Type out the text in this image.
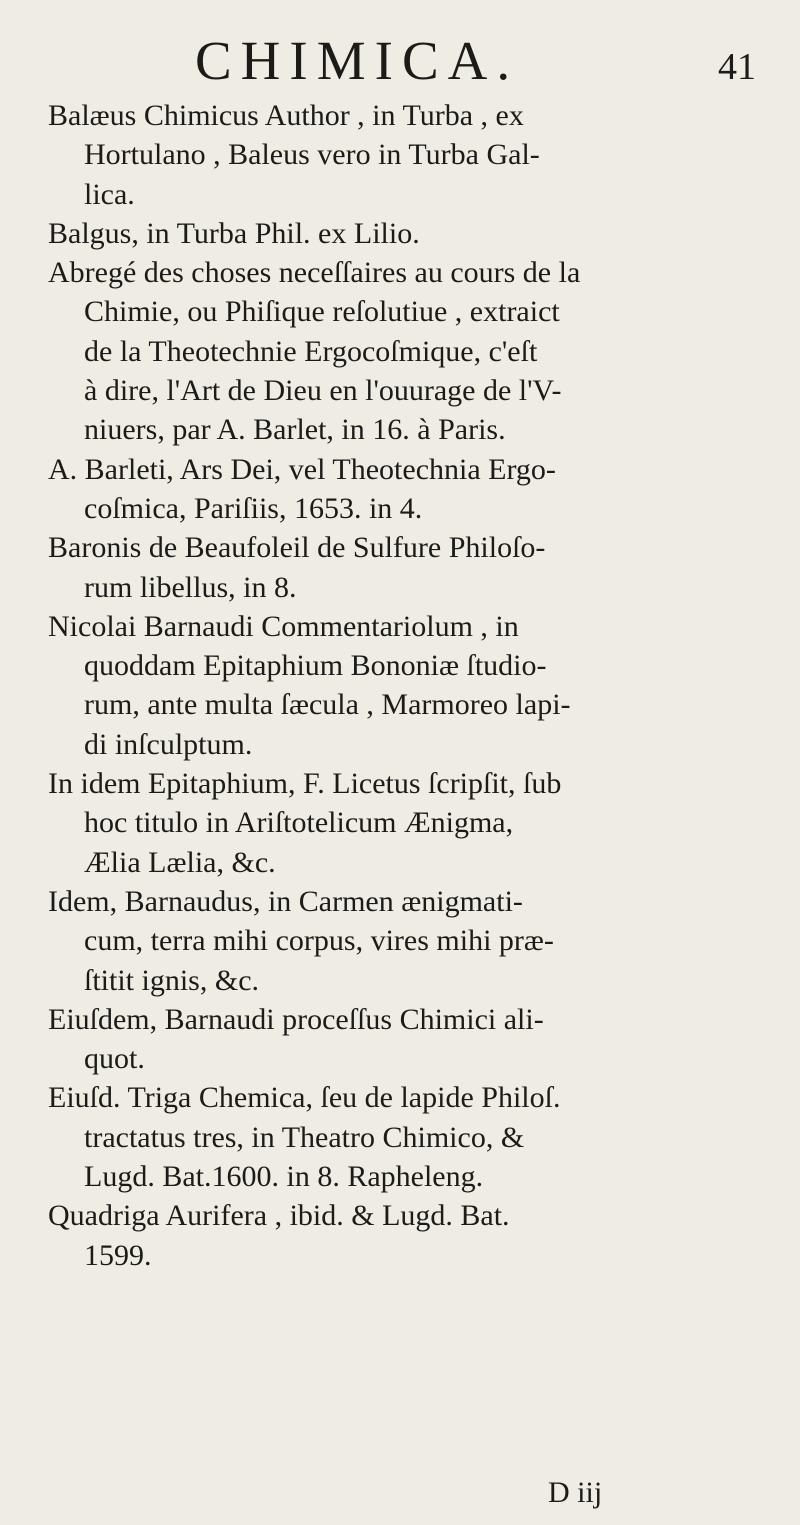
CHIMICA.	41

Balæus Chimicus Author , in Turba , ex
Hortulano , Baleus vero in Turba Gal-
lica.

Balgus, in Turba Phil. ex Lilio.

Abregé des choses neceſſaires au cours de la
Chimie, ou Phiſique reſolutiue , extraict
de la Theotechnie Ergocoſmique, c'eſt
à dire, l'Art de Dieu en l'ouurage de l'V-
niuers, par A. Barlet, in 16. à Paris.

A. Barleti, Ars Dei, vel Theotechnia Ergo-
coſmica, Pariſiis, 1653. in 4.

Baronis de Beaufoleil de Sulfure Philoſo-
rum libellus, in 8.

Nicolai Barnaudi Commentariolum , in
quoddam Epitaphium Bononiæ ſtudio-
rum, ante multa ſæcula , Marmoreo lapi-
di inſculptum.

In idem Epitaphium, F. Licetus ſcripſit, ſub
hoc titulo in Ariſtotelicum Ænigma,
Ælia Lælia, &c.

Idem, Barnaudus, in Carmen ænigmati-
cum, terra mihi corpus, vires mihi præ-
ſtitit ignis, &c.

Eiuſdem, Barnaudi proceſſus Chimici ali-
quot.

Eiuſd. Triga Chemica, ſeu de lapide Philoſ.
tractatus tres, in Theatro Chimico, &
Lugd. Bat.1600. in 8. Rapheleng.

Quadriga Aurifera , ibid. & Lugd. Bat.
1599.

D iij
